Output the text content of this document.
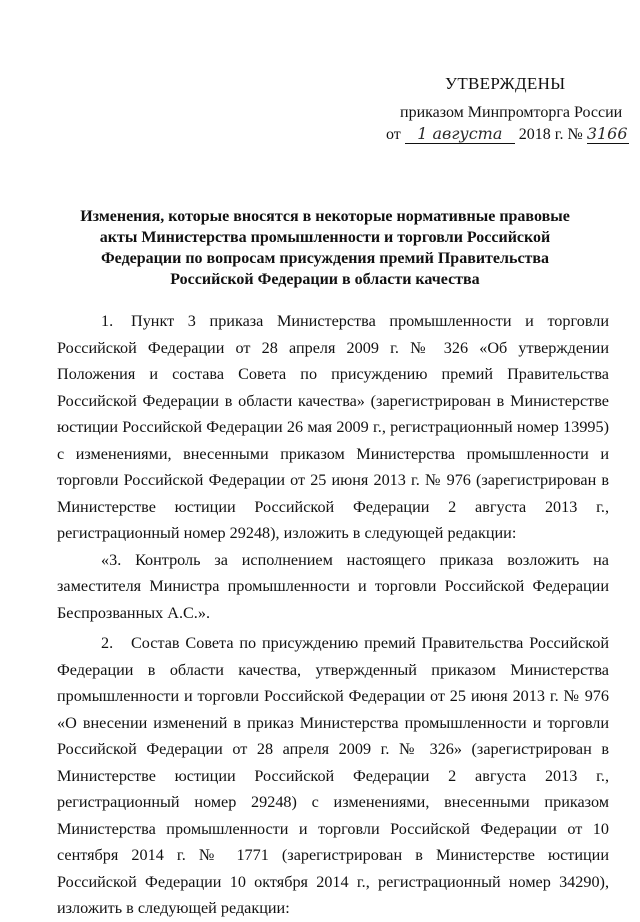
УТВЕРЖДЕНЫ
приказом Минпромторга России
от 1 августа 2018 г. № 3166
Изменения, которые вносятся в некоторые нормативные правовые акты Министерства промышленности и торговли Российской Федерации по вопросам присуждения премий Правительства Российской Федерации в области качества

1. Пункт 3 приказа Министерства промышленности и торговли Российской Федерации от 28 апреля 2009 г. № 326 «Об утверждении Положения и состава Совета по присуждению премий Правительства Российской Федерации в области качества» (зарегистрирован в Министерстве юстиции Российской Федерации 26 мая 2009 г., регистрационный номер 13995) с изменениями, внесенными приказом Министерства промышленности и торговли Российской Федерации от 25 июня 2013 г. № 976 (зарегистрирован в Министерстве юстиции Российской Федерации 2 августа 2013 г., регистрационный номер 29248), изложить в следующей редакции:

«3. Контроль за исполнением настоящего приказа возложить на заместителя Министра промышленности и торговли Российской Федерации Беспрозванных А.С.».

2. Состав Совета по присуждению премий Правительства Российской Федерации в области качества, утвержденный приказом Министерства промышленности и торговли Российской Федерации от 25 июня 2013 г. № 976 «О внесении изменений в приказ Министерства промышленности и торговли Российской Федерации от 28 апреля 2009 г. № 326» (зарегистрирован в Министерстве юстиции Российской Федерации 2 августа 2013 г., регистрационный номер 29248) с изменениями, внесенными приказом Министерства промышленности и торговли Российской Федерации от 10 сентября 2014 г. № 1771 (зарегистрирован в Министерстве юстиции Российской Федерации 10 октября 2014 г., регистрационный номер 34290), изложить в следующей редакции:
